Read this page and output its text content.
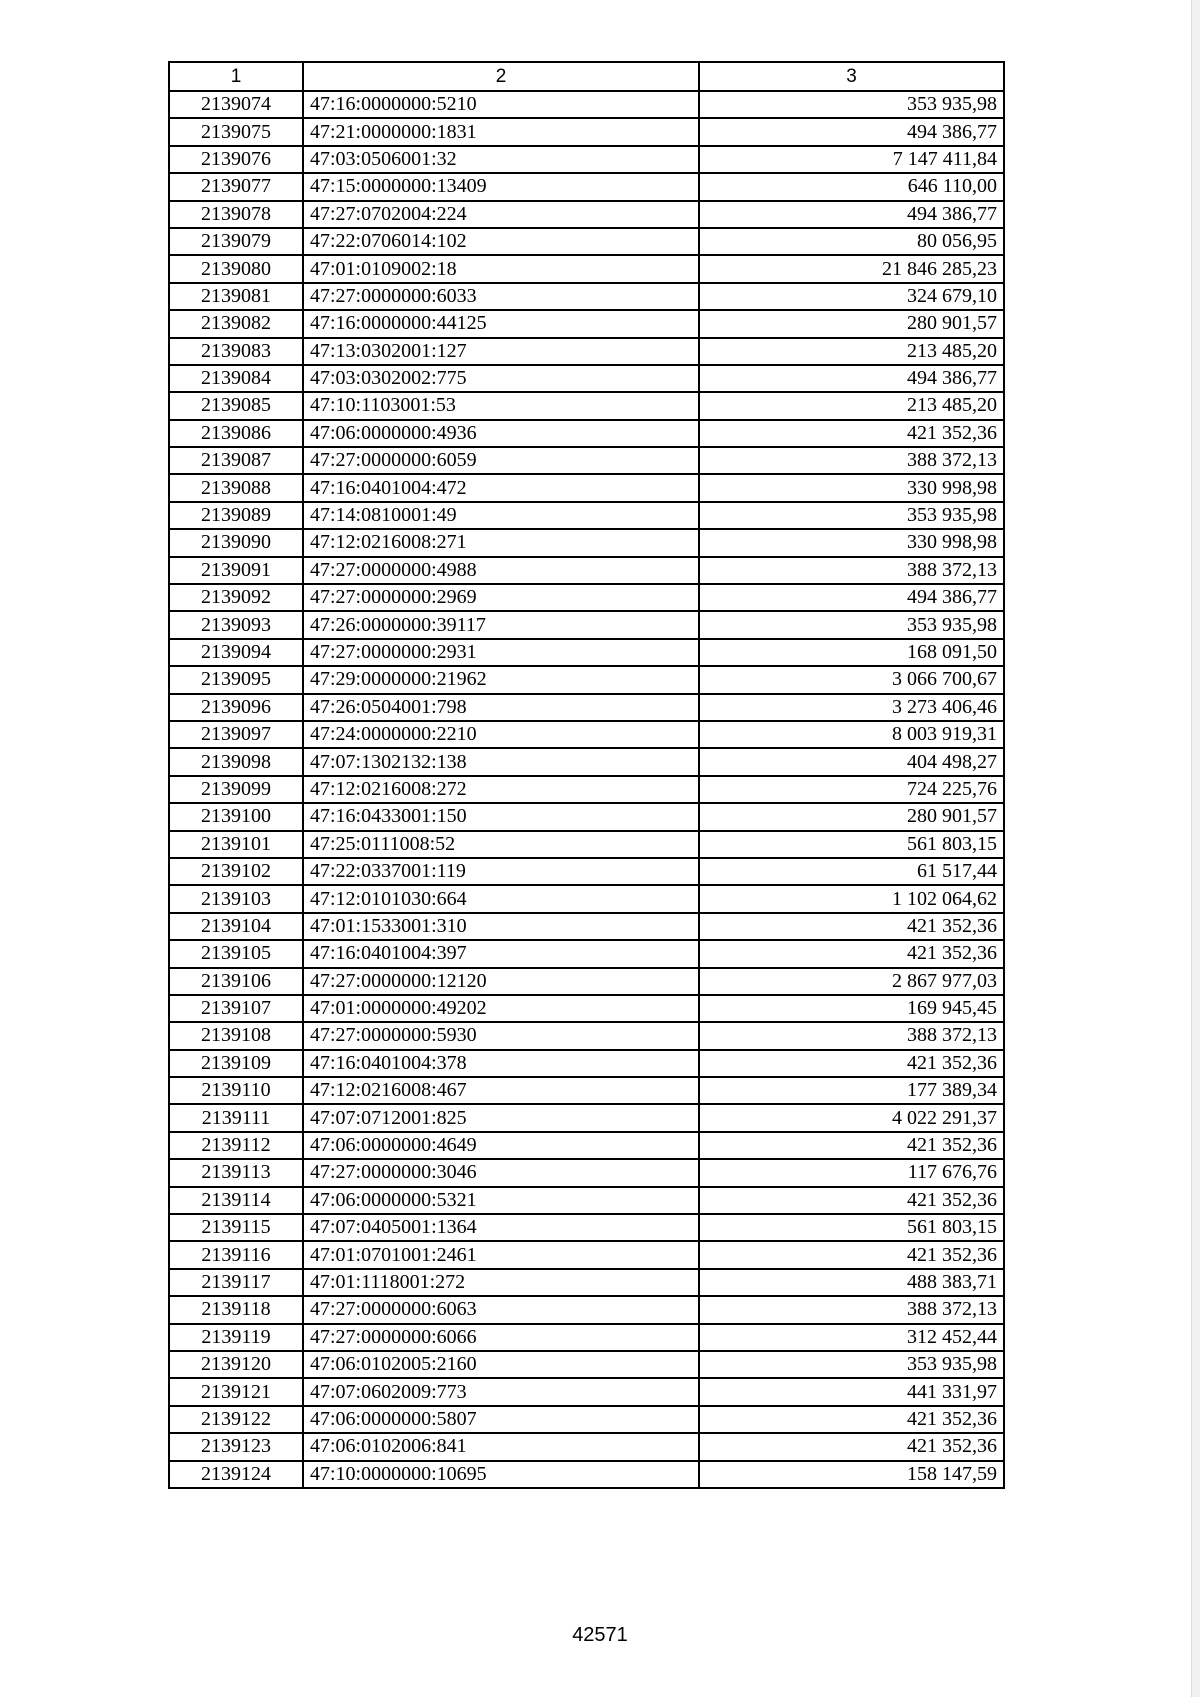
1	2	3
2139074	47:16:0000000:5210	353 935,98
2139075	47:21:0000000:1831	494 386,77
2139076	47:03:0506001:32	7 147 411,84
2139077	47:15:0000000:13409	646 110,00
2139078	47:27:0702004:224	494 386,77
2139079	47:22:0706014:102	80 056,95
2139080	47:01:0109002:18	21 846 285,23
2139081	47:27:0000000:6033	324 679,10
2139082	47:16:0000000:44125	280 901,57
2139083	47:13:0302001:127	213 485,20
2139084	47:03:0302002:775	494 386,77
2139085	47:10:1103001:53	213 485,20
2139086	47:06:0000000:4936	421 352,36
2139087	47:27:0000000:6059	388 372,13
2139088	47:16:0401004:472	330 998,98
2139089	47:14:0810001:49	353 935,98
2139090	47:12:0216008:271	330 998,98
2139091	47:27:0000000:4988	388 372,13
2139092	47:27:0000000:2969	494 386,77
2139093	47:26:0000000:39117	353 935,98
2139094	47:27:0000000:2931	168 091,50
2139095	47:29:0000000:21962	3 066 700,67
2139096	47:26:0504001:798	3 273 406,46
2139097	47:24:0000000:2210	8 003 919,31
2139098	47:07:1302132:138	404 498,27
2139099	47:12:0216008:272	724 225,76
2139100	47:16:0433001:150	280 901,57
2139101	47:25:0111008:52	561 803,15
2139102	47:22:0337001:119	61 517,44
2139103	47:12:0101030:664	1 102 064,62
2139104	47:01:1533001:310	421 352,36
2139105	47:16:0401004:397	421 352,36
2139106	47:27:0000000:12120	2 867 977,03
2139107	47:01:0000000:49202	169 945,45
2139108	47:27:0000000:5930	388 372,13
2139109	47:16:0401004:378	421 352,36
2139110	47:12:0216008:467	177 389,34
2139111	47:07:0712001:825	4 022 291,37
2139112	47:06:0000000:4649	421 352,36
2139113	47:27:0000000:3046	117 676,76
2139114	47:06:0000000:5321	421 352,36
2139115	47:07:0405001:1364	561 803,15
2139116	47:01:0701001:2461	421 352,36
2139117	47:01:1118001:272	488 383,71
2139118	47:27:0000000:6063	388 372,13
2139119	47:27:0000000:6066	312 452,44
2139120	47:06:0102005:2160	353 935,98
2139121	47:07:0602009:773	441 331,97
2139122	47:06:0000000:5807	421 352,36
2139123	47:06:0102006:841	421 352,36
2139124	47:10:0000000:10695	158 147,59
42571
